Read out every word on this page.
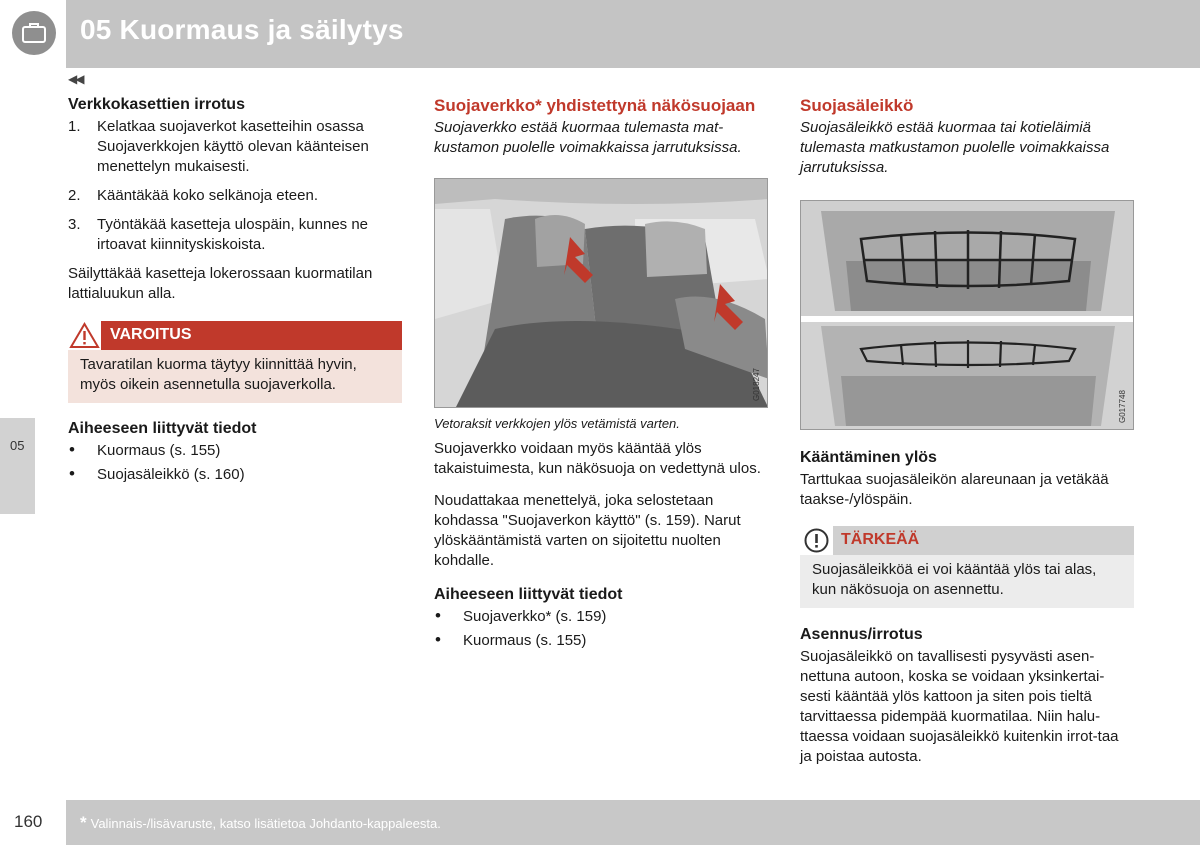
05 Kuormaus ja säilytys
◀◀
05
Verkkokasettien irrotus
1. Kelatkaa suojaverkot kasetteihin osassa Suojaverkkojen käyttö olevan käänteisen menettelyn mukaisesti.
2. Kääntäkää koko selkänoja eteen.
3. Työntäkää kasetteja ulospäin, kunnes ne irtoavat kiinnityskiskoista.

Säilyttäkää kasetteja lokerossaan kuormatilan lattialuukun alla.

VAROITUS
Tavaratilan kuorma täytyy kiinnittää hyvin, myös oikein asennetulla suojaverkolla.
Aiheeseen liittyvät tiedot
• Kuormaus (s. 155)
• Suojasäleikkö (s. 160)
Suojaverkko* yhdistettynä näkösuojaan

Suojaverkko estää kuormaa tulemasta mat-kustamon puolelle voimakkaissa jarrutuksissa.

G018247

Vetoraksit verkkojen ylös vetämistä varten.

Suojaverkko voidaan myös kääntää ylös takaistuimesta, kun näkösuoja on vedettynä ulos.

Noudattakaa menettelyä, joka selostetaan kohdassa "Suojaverkon käyttö" (s. 159). Narut ylöskääntämistä varten on sijoitettu nuolten kohdalle.

Aiheeseen liittyvät tiedot
• Suojaverkko* (s. 159)
• Kuormaus (s. 155)
Suojasäleikkö

Suojasäleikkö estää kuormaa tai kotieläimiä tulemasta matkustamon puolelle voimakkaissa jarrutuksissa.

G017748
Kääntäminen ylös

Tarttukaa suojasäleikön alareunaan ja vetäkää taakse-/ylöspäin.

TÄRKEÄÄ
Suojasäleikköä ei voi kääntää ylös tai alas, kun näkösuoja on asennettu.
Asennus/irrotus

Suojasäleikkö on tavallisesti pysyvästi asen-nettuna autoon, koska se voidaan yksinkertai-sesti kääntää ylös kattoon ja siten pois tieltä tarvittaessa pidempää kuormatilaa. Niin halu-ttaessa voidaan suojasäleikkö kuitenkin irrot-taa ja poistaa autosta.

160 * Valinnais-/lisävaruste, katso lisätietoa Johdanto-kappaleesta.
